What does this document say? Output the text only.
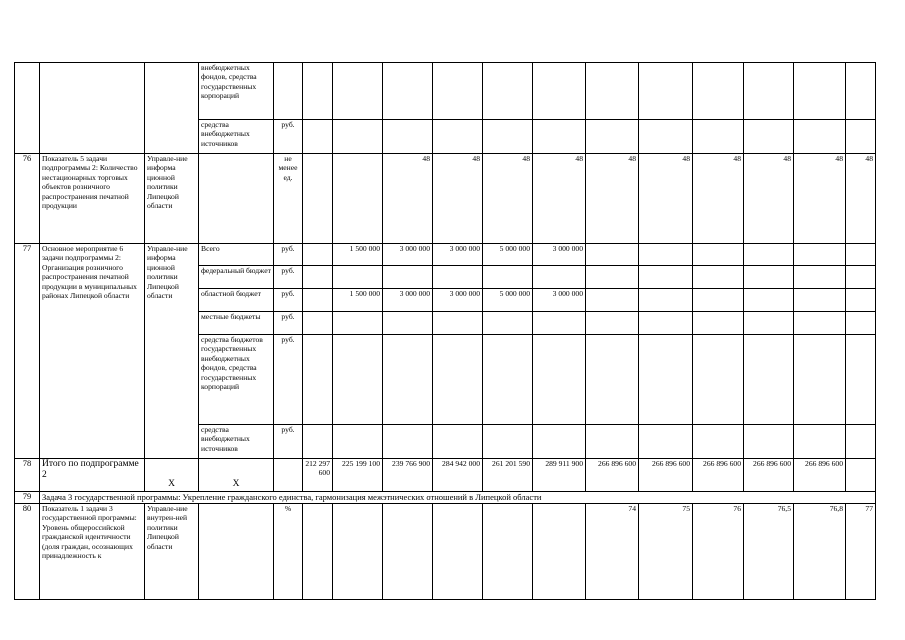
			внебюджетных фондов, средства государственных корпораций													
			средства внебюджетных источников	руб.												
76	Показатель 5 задачи подпрограммы 2: Количество нестационарных торговых объектов розничного распространения печатной продукции	Управле-ние информа ционной политики Липецкой области		не менее ед.			48	48	48	48	48	48	48	48	48	48
77	Основное мероприятие 6 задачи подпрограммы 2: Организация розничного распространения печатной продукции в муниципальных районах Липецкой области	Управле-ние информа ционной политики Липецкой области	Всего	руб.		1 500 000	3 000 000	3 000 000	5 000 000	3 000 000						
			федеральный бюджет	руб.												
			областной бюджет	руб.		1 500 000	3 000 000	3 000 000	5 000 000	3 000 000						
			местные бюджеты	руб.												
			средства бюджетов государственных внебюджетных фондов, средства государственных корпораций	руб.												
			средства внебюджетных источников	руб.												
78	Итого по подпрограмме 2	Х	Х		212 297 600	225 199 100	239 766 900	284 942 000	261 201 590	289 911 900	266 896 600	266 896 600	266 896 600	266 896 600	266 896 600	
79	Задача 3 государственной программы: Укрепление гражданского единства, гармонизация межэтнических отношений в Липецкой области															
80	Показатель 1 задачи 3 государственной программы: Уровень общероссийской гражданской идентичности (доля граждан, осознающих принадлежность к	Управле-ние внутрен-ней политики Липецкой области		%							74	75	76	76,5	76,8	77
